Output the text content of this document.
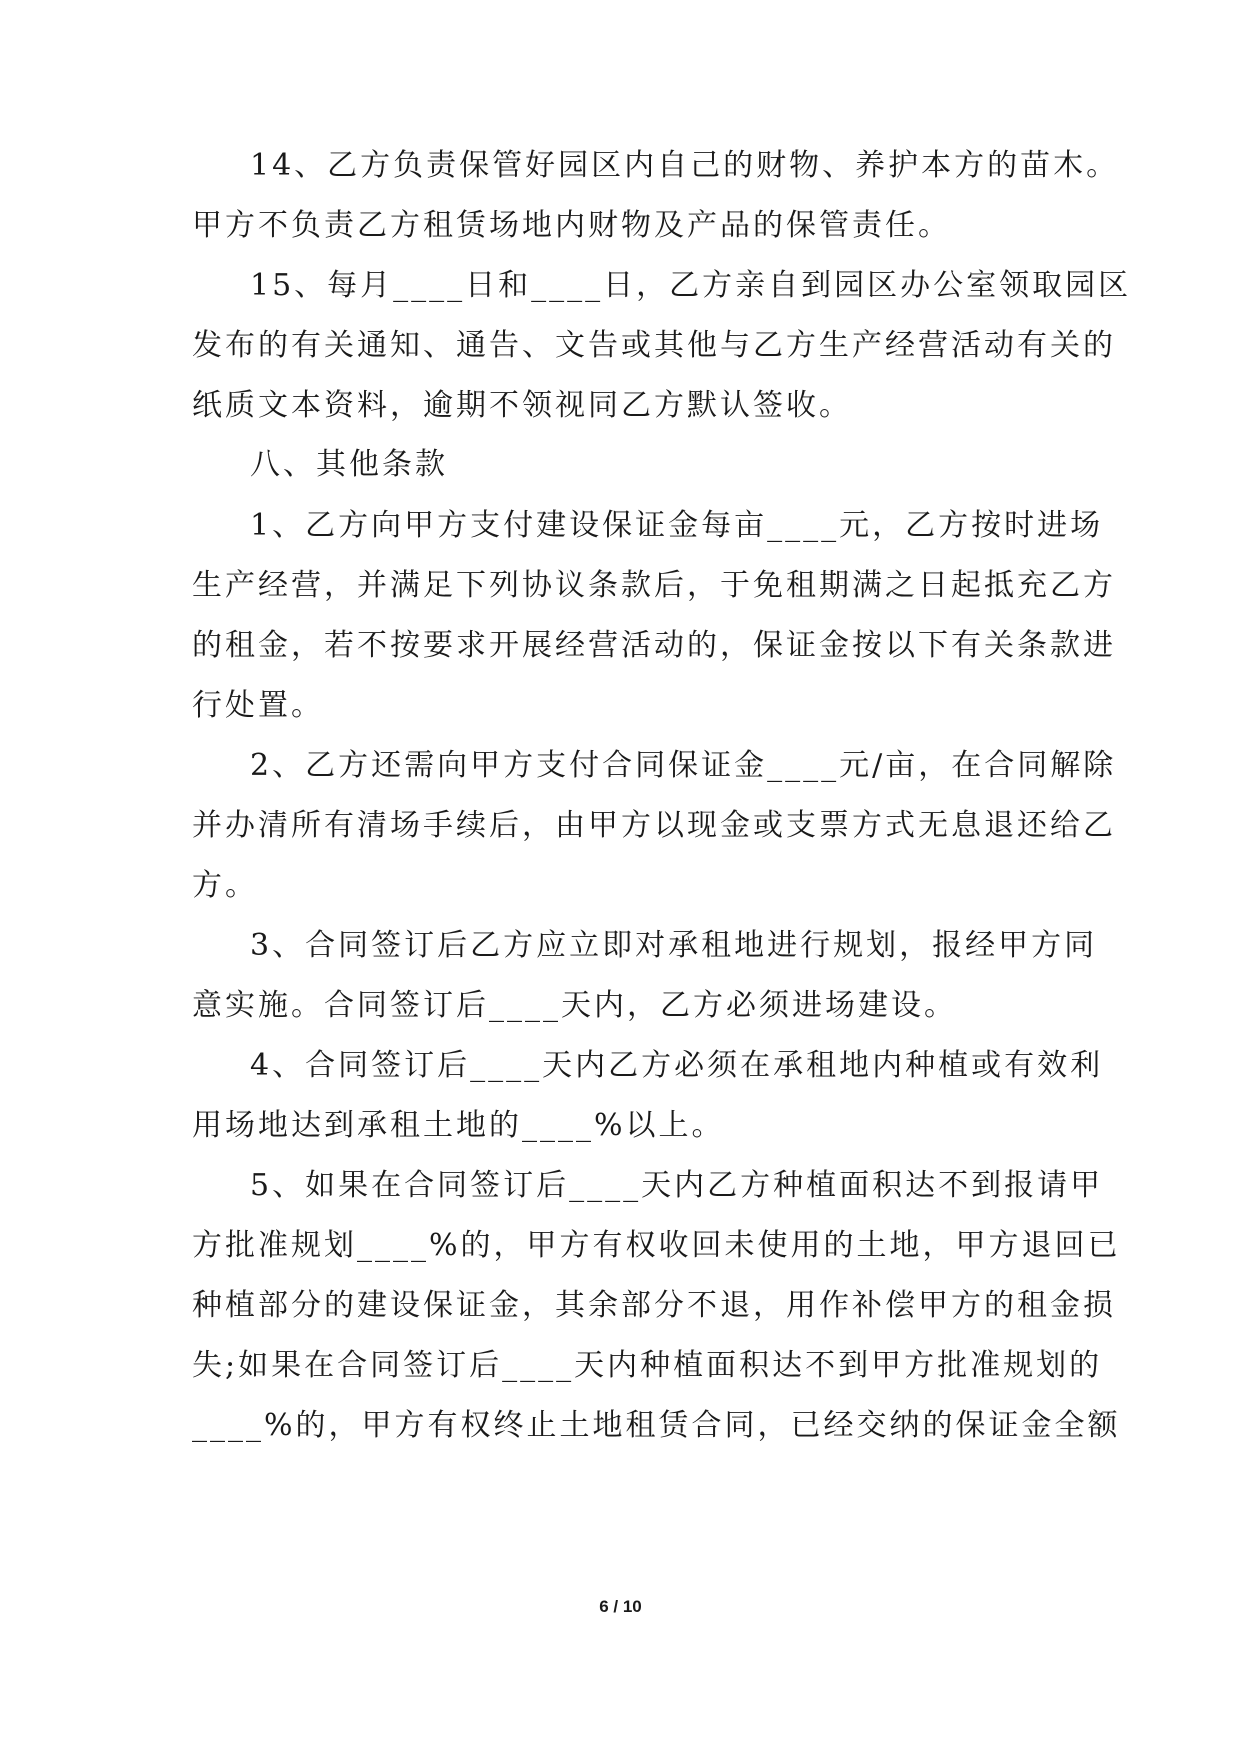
14、乙方负责保管好园区内自己的财物、养护本方的苗木。
甲方不负责乙方租赁场地内财物及产品的保管责任。
15、每月____日和____日，乙方亲自到园区办公室领取园区
发布的有关通知、通告、文告或其他与乙方生产经营活动有关的
纸质文本资料，逾期不领视同乙方默认签收。
八、其他条款
1、乙方向甲方支付建设保证金每亩____元，乙方按时进场
生产经营，并满足下列协议条款后，于免租期满之日起抵充乙方
的租金，若不按要求开展经营活动的，保证金按以下有关条款进
行处置。
2、乙方还需向甲方支付合同保证金____元/亩，在合同解除
并办清所有清场手续后，由甲方以现金或支票方式无息退还给乙
方。
3、合同签订后乙方应立即对承租地进行规划，报经甲方同
意实施。合同签订后____天内，乙方必须进场建设。
4、合同签订后____天内乙方必须在承租地内种植或有效利
用场地达到承租土地的____%以上。
5、如果在合同签订后____天内乙方种植面积达不到报请甲
方批准规划____%的，甲方有权收回未使用的土地，甲方退回已
种植部分的建设保证金，其余部分不退，用作补偿甲方的租金损
失;如果在合同签订后____天内种植面积达不到甲方批准规划的
____%的，甲方有权终止土地租赁合同，已经交纳的保证金全额
6 / 10
